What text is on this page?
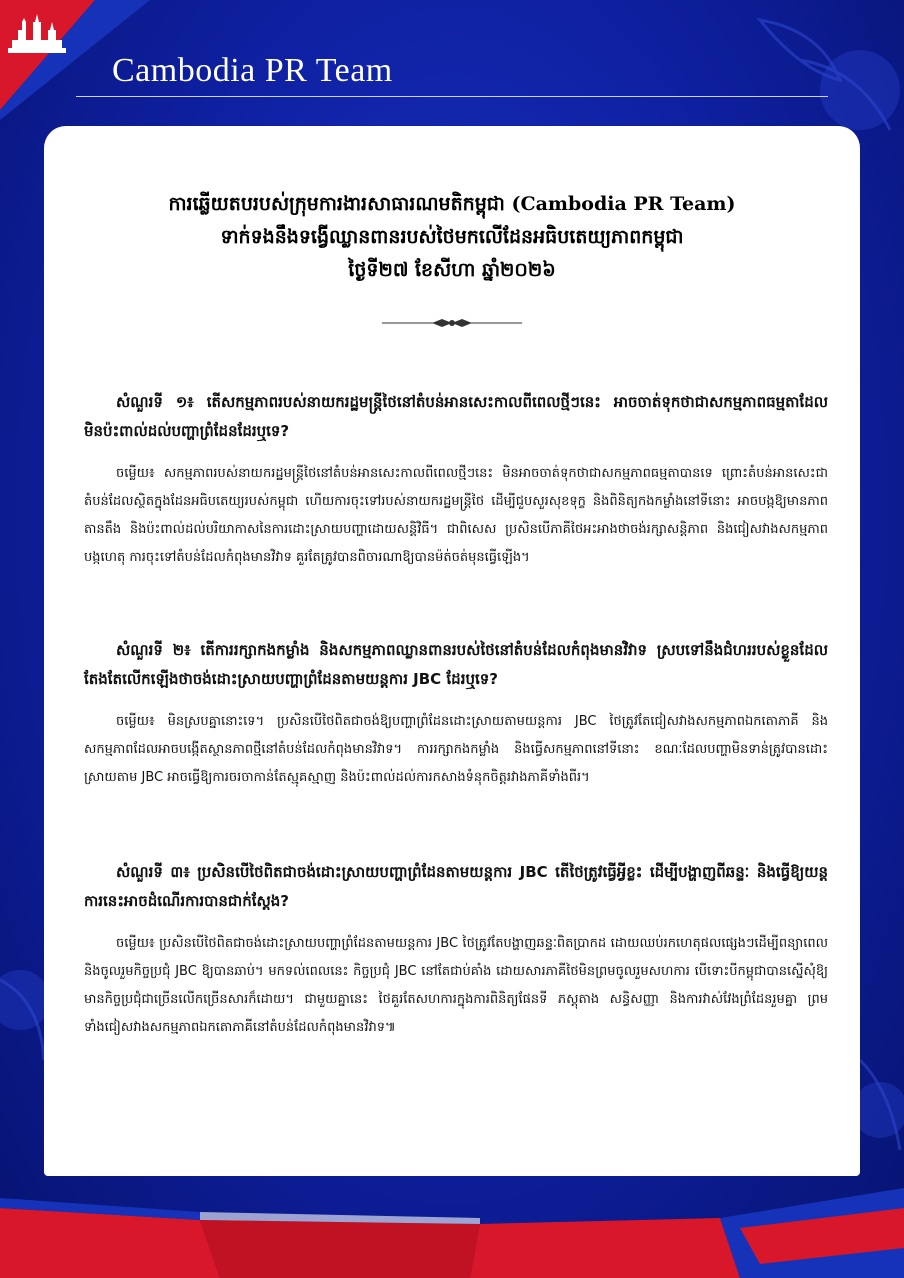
Cambodia PR Team
ការឆ្លើយតបរបស់ក្រុមការងារសាធារណមតិកម្ពុជា (Cambodia PR Team)
ទាក់ទងនឹងទង្វើឈ្លានពានរបស់ថៃមកលើដែនអធិបតេយ្យភាពកម្ពុជា
ថ្ងៃទី២៧ ខែសីហា ឆ្នាំ២០២៦

សំណួរទី ១៖ តើសកម្មភាពរបស់នាយករដ្ឋមន្ត្រីថៃនៅតំបន់អានសេះកាលពីពេលថ្មីៗនេះ អាចចាត់ទុកថាជាសកម្មភាពធម្មតាដែលមិនប៉ះពាល់ដល់បញ្ហាព្រំដែនដែរឬទេ?

ចម្លើយ៖ សកម្មភាពរបស់នាយករដ្ឋមន្ត្រីថៃនៅតំបន់អានសេះកាលពីពេលថ្មីៗនេះ មិនអាចចាត់ទុកថាជាសកម្មភាពធម្មតាបានទេ ព្រោះតំបន់អានសេះជាតំបន់ដែលស្ថិតក្នុងដែនអធិបតេយ្យរបស់កម្ពុជា ហើយការចុះទៅរបស់នាយករដ្ឋមន្ត្រីថៃ ដើម្បីជួបសួរសុខទុក្ខ និងពិនិត្យកងកម្លាំងនៅទីនោះ អាចបង្កឱ្យមានភាពតានតឹង និងប៉ះពាល់ដល់បរិយាកាសនៃការដោះស្រាយបញ្ហាដោយសន្តិវិធី។ ជាពិសេស ប្រសិនបើភាគីថៃអះអាងថាចង់រក្សាសន្តិភាព និងជៀសវាងសកម្មភាពបង្កហេតុ ការចុះទៅតំបន់ដែលកំពុងមានវិវាទ គួរតែត្រូវបានពិចារណាឱ្យបានម៉ត់ចត់មុនធ្វើឡើង។

សំណួរទី ២៖ តើការរក្សាកងកម្លាំង និងសកម្មភាពឈ្លានពានរបស់ថៃនៅតំបន់ដែលកំពុងមានវិវាទ ស្របទៅនឹងជំហររបស់ខ្លួនដែលតែងតែលើកឡើងថាចង់ដោះស្រាយបញ្ហាព្រំដែនតាមយន្តការ JBC ដែរឬទេ?

ចម្លើយ៖ មិនស្របគ្នានោះទេ។ ប្រសិនបើថៃពិតជាចង់ឱ្យបញ្ហាព្រំដែនដោះស្រាយតាមយន្តការ JBC ថៃត្រូវតែជៀសវាងសកម្មភាពឯកតោភាគី និងសកម្មភាពដែលអាចបង្កើតស្ថានភាពថ្មីនៅតំបន់ដែលកំពុងមានវិវាទ។ ការរក្សាកងកម្លាំង និងធ្វើសកម្មភាពនៅទីនោះ ខណៈដែលបញ្ហាមិនទាន់ត្រូវបានដោះស្រាយតាម JBC អាចធ្វើឱ្យការចរចាកាន់តែស្មុគស្មាញ និងប៉ះពាល់ដល់ការកសាងទំនុកចិត្តរវាងភាគីទាំងពីរ។

សំណួរទី ៣៖ ប្រសិនបើថៃពិតជាចង់ដោះស្រាយបញ្ហាព្រំដែនតាមយន្តការ JBC តើថៃត្រូវធ្វើអ្វីខ្លះ ដើម្បីបង្ហាញពីឆន្ទៈ និងធ្វើឱ្យយន្តការនេះអាចដំណើរការបានជាក់ស្តែង?

ចម្លើយ៖ ប្រសិនបើថៃពិតជាចង់ដោះស្រាយបញ្ហាព្រំដែនតាមយន្តការ JBC ថៃត្រូវតែបង្ហាញឆន្ទៈពិតប្រាកដ ដោយឈប់រកហេតុផលផ្សេងៗដើម្បីពន្យាពេល និងចូលរួមកិច្ចប្រជុំ JBC ឱ្យបានឆាប់។ មកទល់ពេលនេះ កិច្ចប្រជុំ JBC នៅតែជាប់គាំង ដោយសារភាគីថៃមិនព្រមចូលរួមសហការ បើទោះបីកម្ពុជាបានស្នើសុំឱ្យមានកិច្ចប្រជុំជាច្រើនលើកច្រើនសារក៏ដោយ។ ជាមួយគ្នានេះ ថៃគួរតែសហការក្នុងការពិនិត្យផែនទី ភស្តុតាង សន្ធិសញ្ញា និងការវាស់វែងព្រំដែនរួមគ្នា ព្រមទាំងជៀសវាងសកម្មភាពឯកតោភាគីនៅតំបន់ដែលកំពុងមានវិវាទ៕
